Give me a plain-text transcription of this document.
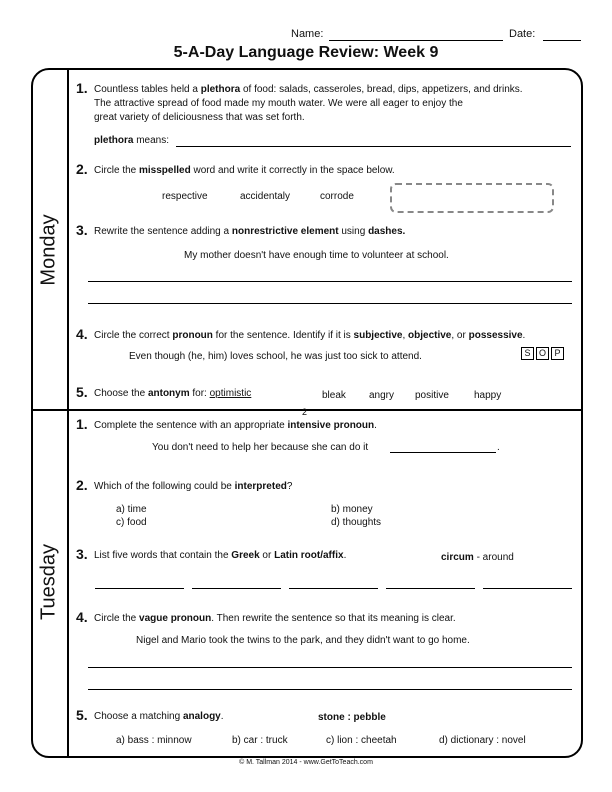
Name:	Date:
5-A-Day Language Review: Week 9
Monday
Tuesday
1. Countless tables held a plethora of food: salads, casseroles, bread, dips, appetizers, and drinks.
The attractive spread of food made my mouth water. We were all eager to enjoy the
great variety of deliciousness that was set forth.
plethora means:
2. Circle the misspelled word and write it correctly in the space below.
respective	accidentaly	corrode
3. Rewrite the sentence adding a nonrestrictive element using dashes.
My mother doesn't have enough time to volunteer at school.
4. Circle the correct pronoun for the sentence. Identify if it is subjective, objective, or possessive.
Even though (he, him) loves school, he was just too sick to attend.	S O P
5. Choose the antonym for: optimistic	bleak angry positive	happy
1.
2
Complete the sentence with an appropriate intensive pronoun.
You don't need to help her because she can do it	.
2. Which of the following could be interpreted?
a) time	b) money
c) food	d) thoughts
3. List five words that contain the Greek or Latin root/affix.	circum - around
4. Circle the vague pronoun. Then rewrite the sentence so that its meaning is clear.
Nigel and Mario took the twins to the park, and they didn't want to go home.
5. Choose a matching analogy.	stone : pebble
a) bass : minnow	b) car : truck	c) lion : cheetah	d) dictionary : novel
© M. Tallman 2014 - www.GetToTeach.com
